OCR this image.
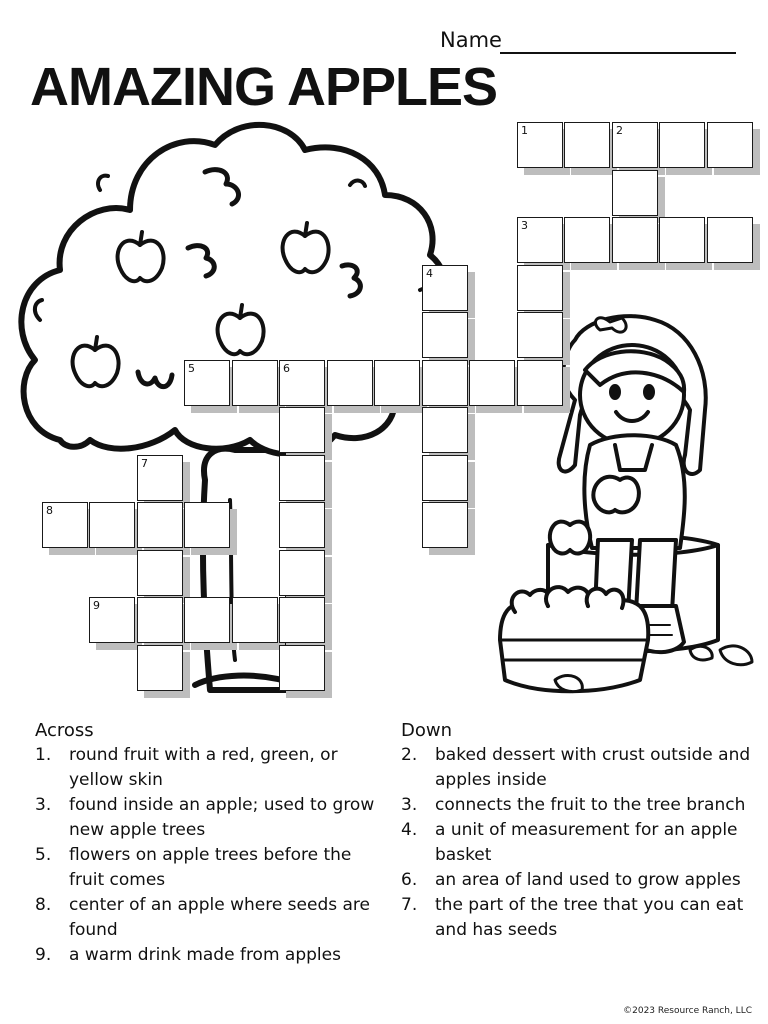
Name
AMAZING APPLES
1	2
3
4
5	6
7
8
9
Across
1.	round fruit with a red, green, or yellow skin
3.	found inside an apple; used to grow new apple trees
5.	flowers on apple trees before the fruit comes
8.	center of an apple where seeds are found
9.	a warm drink made from apples
Down
2.	baked dessert with crust outside and apples inside
3.	connects the fruit to the tree branch
4.	a unit of measurement for an apple basket
6.	an area of land used to grow apples
7.	the part of the tree that you can eat and has seeds
©2023 Resource Ranch, LLC
